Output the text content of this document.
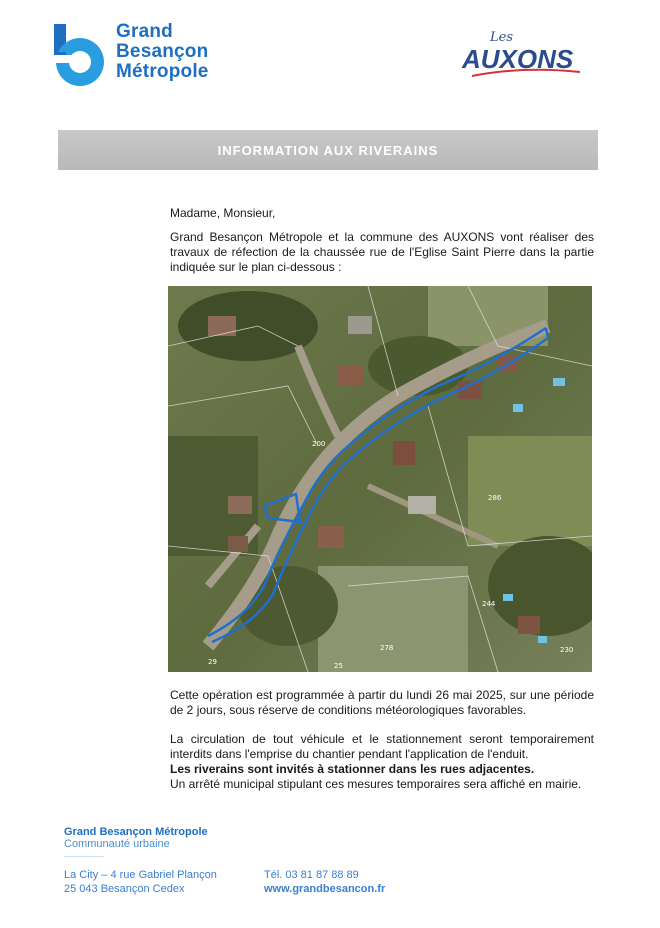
Grand
Besançon
Métropole
Les
AUXONS
INFORMATION AUX RIVERAINS
Madame, Monsieur,
Grand Besançon Métropole et la commune des AUXONS vont réaliser des travaux de réfection de la chaussée rue de l'Eglise Saint Pierre dans la partie indiquée sur le plan ci-dessous :
286
278
25
29
200
244
230
Cette opération est programmée à partir du lundi 26 mai 2025, sur une période de 2 jours, sous réserve de conditions météorologiques favorables.
La circulation de tout véhicule et le stationnement seront temporairement interdits dans l'emprise du chantier pendant l'application de l'enduit.
Les riverains sont invités à stationner dans les rues adjacentes.
Un arrêté municipal stipulant ces mesures temporaires sera affiché en mairie.
Grand Besançon Métropole
Communauté urbaine
La City – 4 rue Gabriel Plançon
25 043 Besançon Cedex
Tél. 03 81 87 88 89
www.grandbesancon.fr
